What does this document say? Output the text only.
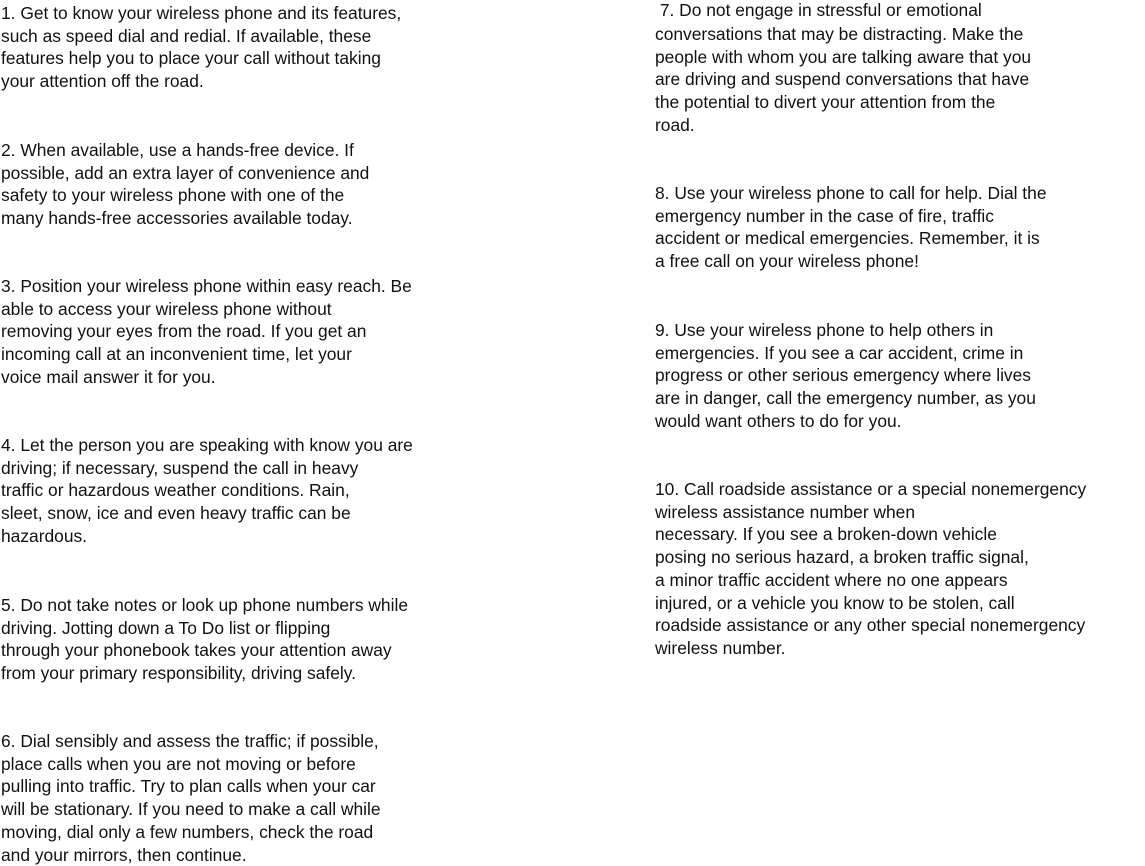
1. Get to know your wireless phone and its features,
such as speed dial and redial. If available, these
features help you to place your call without taking
your attention off the road.

2. When available, use a hands-free device. If
possible, add an extra layer of convenience and
safety to your wireless phone with one of the
many hands-free accessories available today.

3. Position your wireless phone within easy reach. Be
able to access your wireless phone without
removing your eyes from the road. If you get an
incoming call at an inconvenient time, let your
voice mail answer it for you.

4. Let the person you are speaking with know you are
driving; if necessary, suspend the call in heavy
traffic or hazardous weather conditions. Rain,
sleet, snow, ice and even heavy traffic can be
hazardous.

5. Do not take notes or look up phone numbers while
driving. Jotting down a To Do list or flipping
through your phonebook takes your attention away
from your primary responsibility, driving safely.

6. Dial sensibly and assess the traffic; if possible,
place calls when you are not moving or before
pulling into traffic. Try to plan calls when your car
will be stationary. If you need to make a call while
moving, dial only a few numbers, check the road
and your mirrors, then continue.

7. Do not engage in stressful or emotional
conversations that may be distracting. Make the
people with whom you are talking aware that you
are driving and suspend conversations that have
the potential to divert your attention from the
road.

8. Use your wireless phone to call for help. Dial the
emergency number in the case of fire, traffic
accident or medical emergencies. Remember, it is
a free call on your wireless phone!

9. Use your wireless phone to help others in
emergencies. If you see a car accident, crime in
progress or other serious emergency where lives
are in danger, call the emergency number, as you
would want others to do for you.

10. Call roadside assistance or a special nonemergency
wireless assistance number when
necessary. If you see a broken-down vehicle
posing no serious hazard, a broken traffic signal,
a minor traffic accident where no one appears
injured, or a vehicle you know to be stolen, call
roadside assistance or any other special nonemergency
wireless number.
